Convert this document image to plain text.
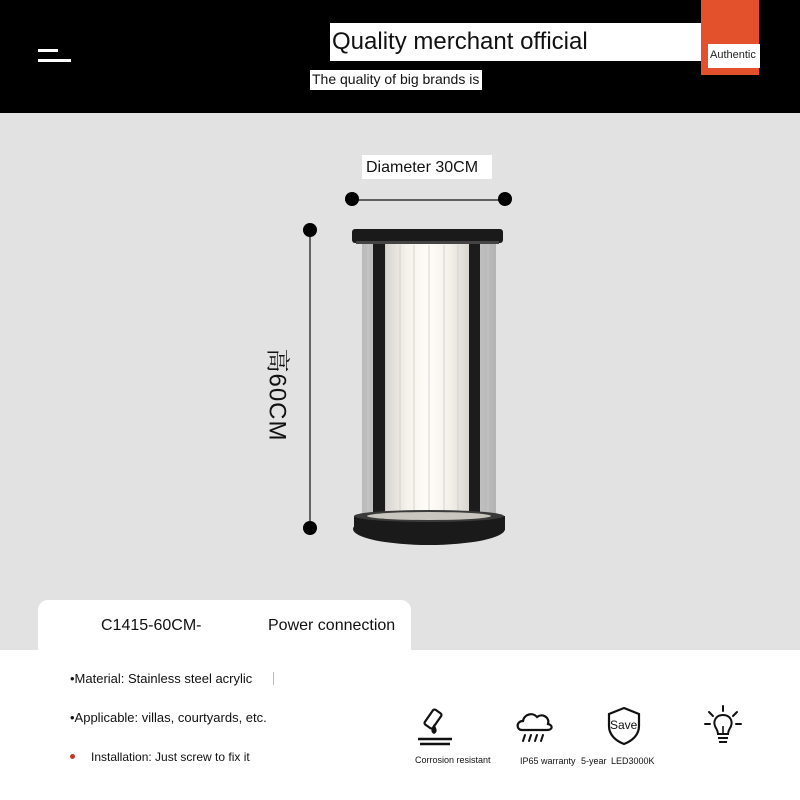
Quality merchant official	Authentic
The quality of big brands is
Diameter 30CM
高60CM
C1415-60CM-	Power connection
•Material: Stainless steel acrylic
•Applicable: villas, courtyards, etc.
Installation: Just screw to fix it	Corrosion resistant	IP65 warranty
Save
5-year LED3000K
